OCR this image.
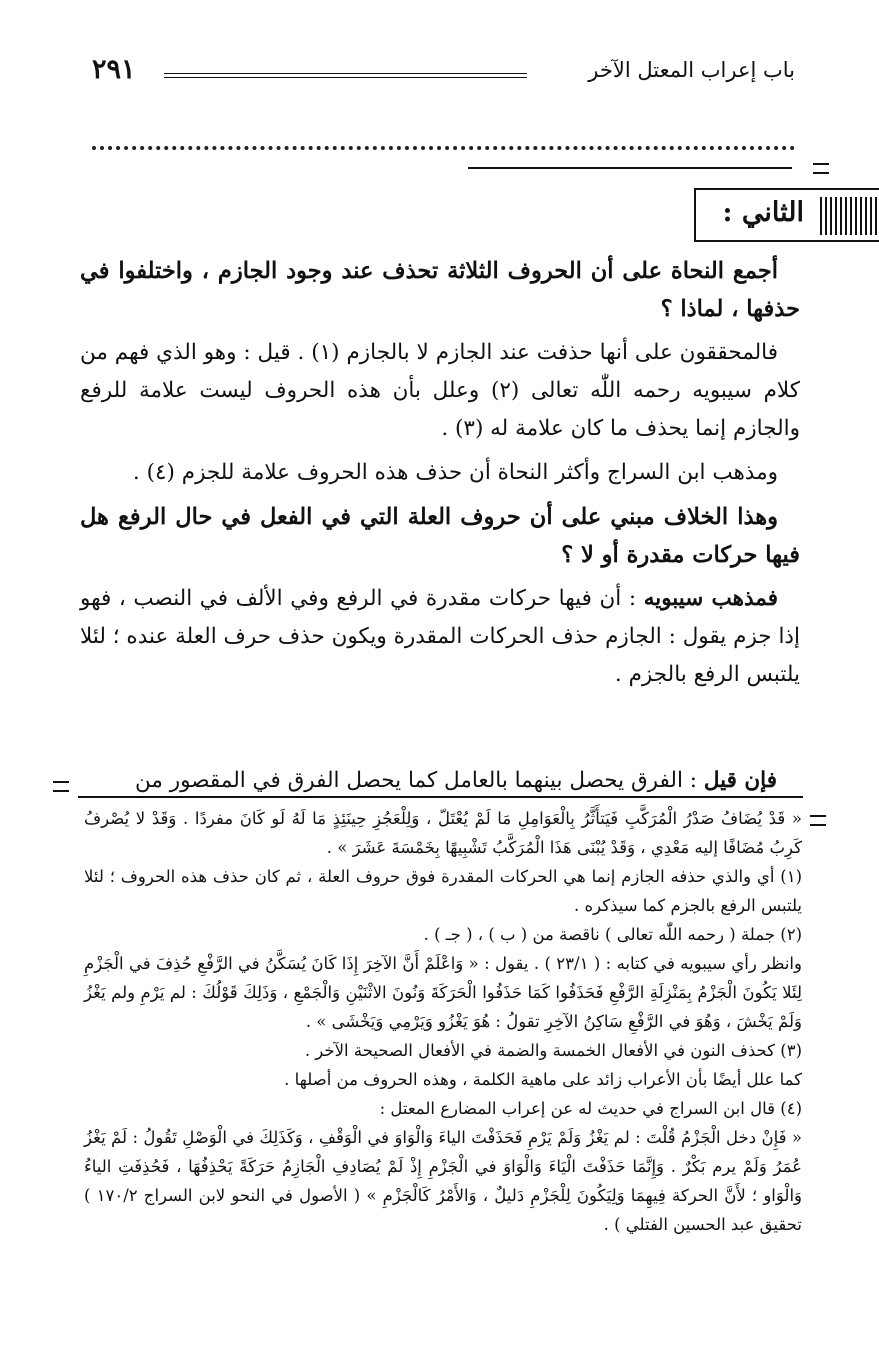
باب إعراب المعتل الآخر
٢٩١
الثاني :

أجمع النحاة على أن الحروف الثلاثة تحذف عند وجود الجازم ، واختلفوا في حذفها ، لماذا ؟

فالمحققون على أنها حذفت عند الجازم لا بالجازم (١) . قيل : وهو الذي فهم من كلام سيبويه رحمه اللّٰه تعالى (٢) وعلل بأن هذه الحروف ليست علامة للرفع والجازم إنما يحذف ما كان علامة له (٣) .

ومذهب ابن السراج وأكثر النحاة أن حذف هذه الحروف علامة للجزم (٤) .

وهذا الخلاف مبني على أن حروف العلة التي في الفعل في حال الرفع هل فيها حركات مقدرة أو لا ؟

فمذهب سيبويه : أن فيها حركات مقدرة في الرفع وفي الألف في النصب ، فهو إذا جزم يقول : الجازم حذف الحركات المقدرة ويكون حذف حرف العلة عنده ؛ لئلا يلتبس الرفع بالجزم .

فإن قيل : الفرق يحصل بينهما بالعامل كما يحصل الفرق في المقصور من

« قَدْ يُضَافُ صَدْرُ الْمُرَكَّبِ فَيَتأَثَّرُ بِالْعَوَامِلِ مَا لَمْ يُعْتَلّ ، وَلِلْعَجُزِ حِينَئِذٍ مَا لَهُ لَو كَانَ مفردًا . وَقَدْ لا يُصْرفُ كَرِبُ مُضَافًا إليه مَعْدِي ، وَقَدْ يُبْنَى هَذَا الْمُرَكَّبُ تَشْبِيهًا بِخَمْسَةَ عَشَرَ » .

(١) أي والذي حذفه الجازم إنما هي الحركات المقدرة فوق حروف العلة ، ثم كان حذف هذه الحروف ؛ لئلا يلتبس الرفع بالجزم كما سيذكره .

(٢) جملة ( رحمه اللّٰه تعالى ) ناقصة من ( ب ) ، ( جـ ) .

وانظر رأي سيبويه في كتابه : ( ٢٣/١ ) . يقول : « وَاعْلَمْ أَنَّ الآخِرَ إِذَا كَانَ يُسَكَّنُ في الرَّفْعِ حُذِفَ في الْجَزْمِ لِئَلا يَكُونَ الْجَزْمُ بِمَنْزِلَةِ الرَّفْعِ فَحَذَفُوا كَمَا حَذَفُوا الْحَرَكَةَ وَنُونَ الاثْنَيْنِ وَالْجَمْعِ ، وَذَلِكَ قَوْلُكَ : لم يَرْمِ ولم يَغْزُ وَلَمْ يَخْشَ ، وَهُوَ في الرَّفْعِ سَاكِنُ الآخِرِ تقولُ : هُوَ يَغْزُو وَيَرْمِي وَيَخْشَى » .

(٣) كحذف النون في الأفعال الخمسة والضمة في الأفعال الصحيحة الآخر .

كما علل أيضًا بأن الأعراب زائد على ماهية الكلمة ، وهذه الحروف من أصلها .

(٤) قال ابن السراج في حديث له عن إعراب المضارع المعتل :

« فَإِنْ دخل الْجَزْمُ قُلْتَ : لم يَغْزُ وَلَمْ يَرْمِ فَحَذَفْتَ الياءَ وَالْوَاوَ في الْوَقْفِ ، وَكَذَلِكَ في الْوَصْلِ تَقُولُ : لَمْ يَغْزُ عُمَرُ وَلَمْ يرم بَكْرٌ . وَإِنَّمَا حَذَفْتَ الْيَاءَ وَالْوَاوَ في الْجَزْمِ إِذْ لَمْ يُصَادِفِ الْجَازِمُ حَرَكَةً يَحْذِفُهَا ، فَحُذِفَتِ الياءُ وَالْوَاو ؛ لأَنَّ الحركة فِيهِمَا وَلِيَكُونَ لِلْجَزْمِ دَليلٌ ، وَالأَمْرُ كَالْجَزْمِ » ( الأصول في النحو لابن السراج ١٧٠/٢ ) تحقيق عبد الحسين الفتلي ) .
